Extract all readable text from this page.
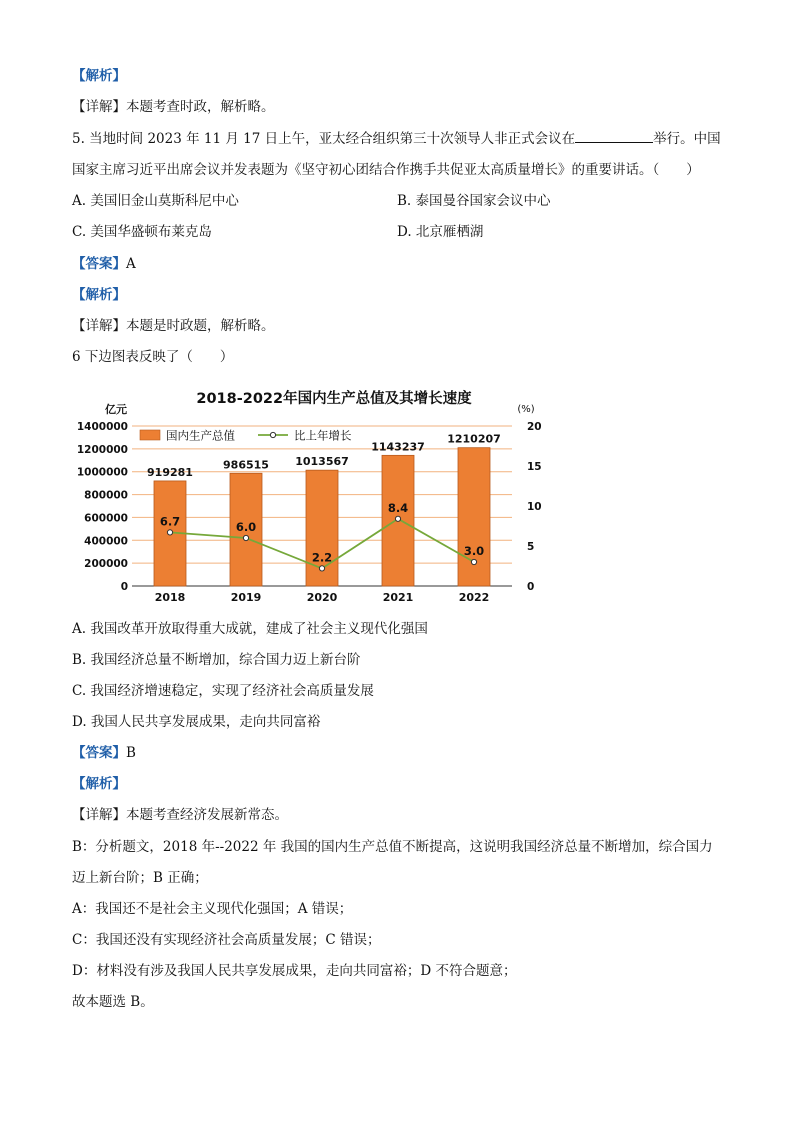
【解析】
【详解】本题考查时政，解析略。
5. 当地时间 2023 年 11 月 17 日上午，亚太经合组织第三十次领导人非正式会议在	举行。中国
国家主席习近平出席会议并发表题为《坚守初心团结合作携手共促亚太高质量增长》的重要讲话。（　　）
A. 美国旧金山莫斯科尼中心	B. 泰国曼谷国家会议中心
C. 美国华盛顿布莱克岛	D. 北京雁栖湖
【答案】A
【解析】
【详解】本题是时政题，解析略。
6 下边图表反映了（　　）
2018-2022年国内生产总值及其增长速度
亿元	(%)
6.7	6.0
2.2
8.4
3.0
0
200000
400000
600000
800000
1000000
1200000
1400000
0
5
10
15
20
919281
986515 1013567
1143237
1210207
2018	2019	2020	2021	2022
国内生产总值	比上年增长
A. 我国改革开放取得重大成就，建成了社会主义现代化强国
B. 我国经济总量不断增加，综合国力迈上新台阶
C. 我国经济增速稳定，实现了经济社会高质量发展
D. 我国人民共享发展成果，走向共同富裕
【答案】B
【解析】
【详解】本题考查经济发展新常态。
B：分析题文，2018 年--2022 年 我国的国内生产总值不断提高，这说明我国经济总量不断增加，综合国力
迈上新台阶；B 正确；
A：我国还不是社会主义现代化强国；A 错误；
C：我国还没有实现经济社会高质量发展；C 错误；
D：材料没有涉及我国人民共享发展成果，走向共同富裕；D 不符合题意；
故本题选 B。
